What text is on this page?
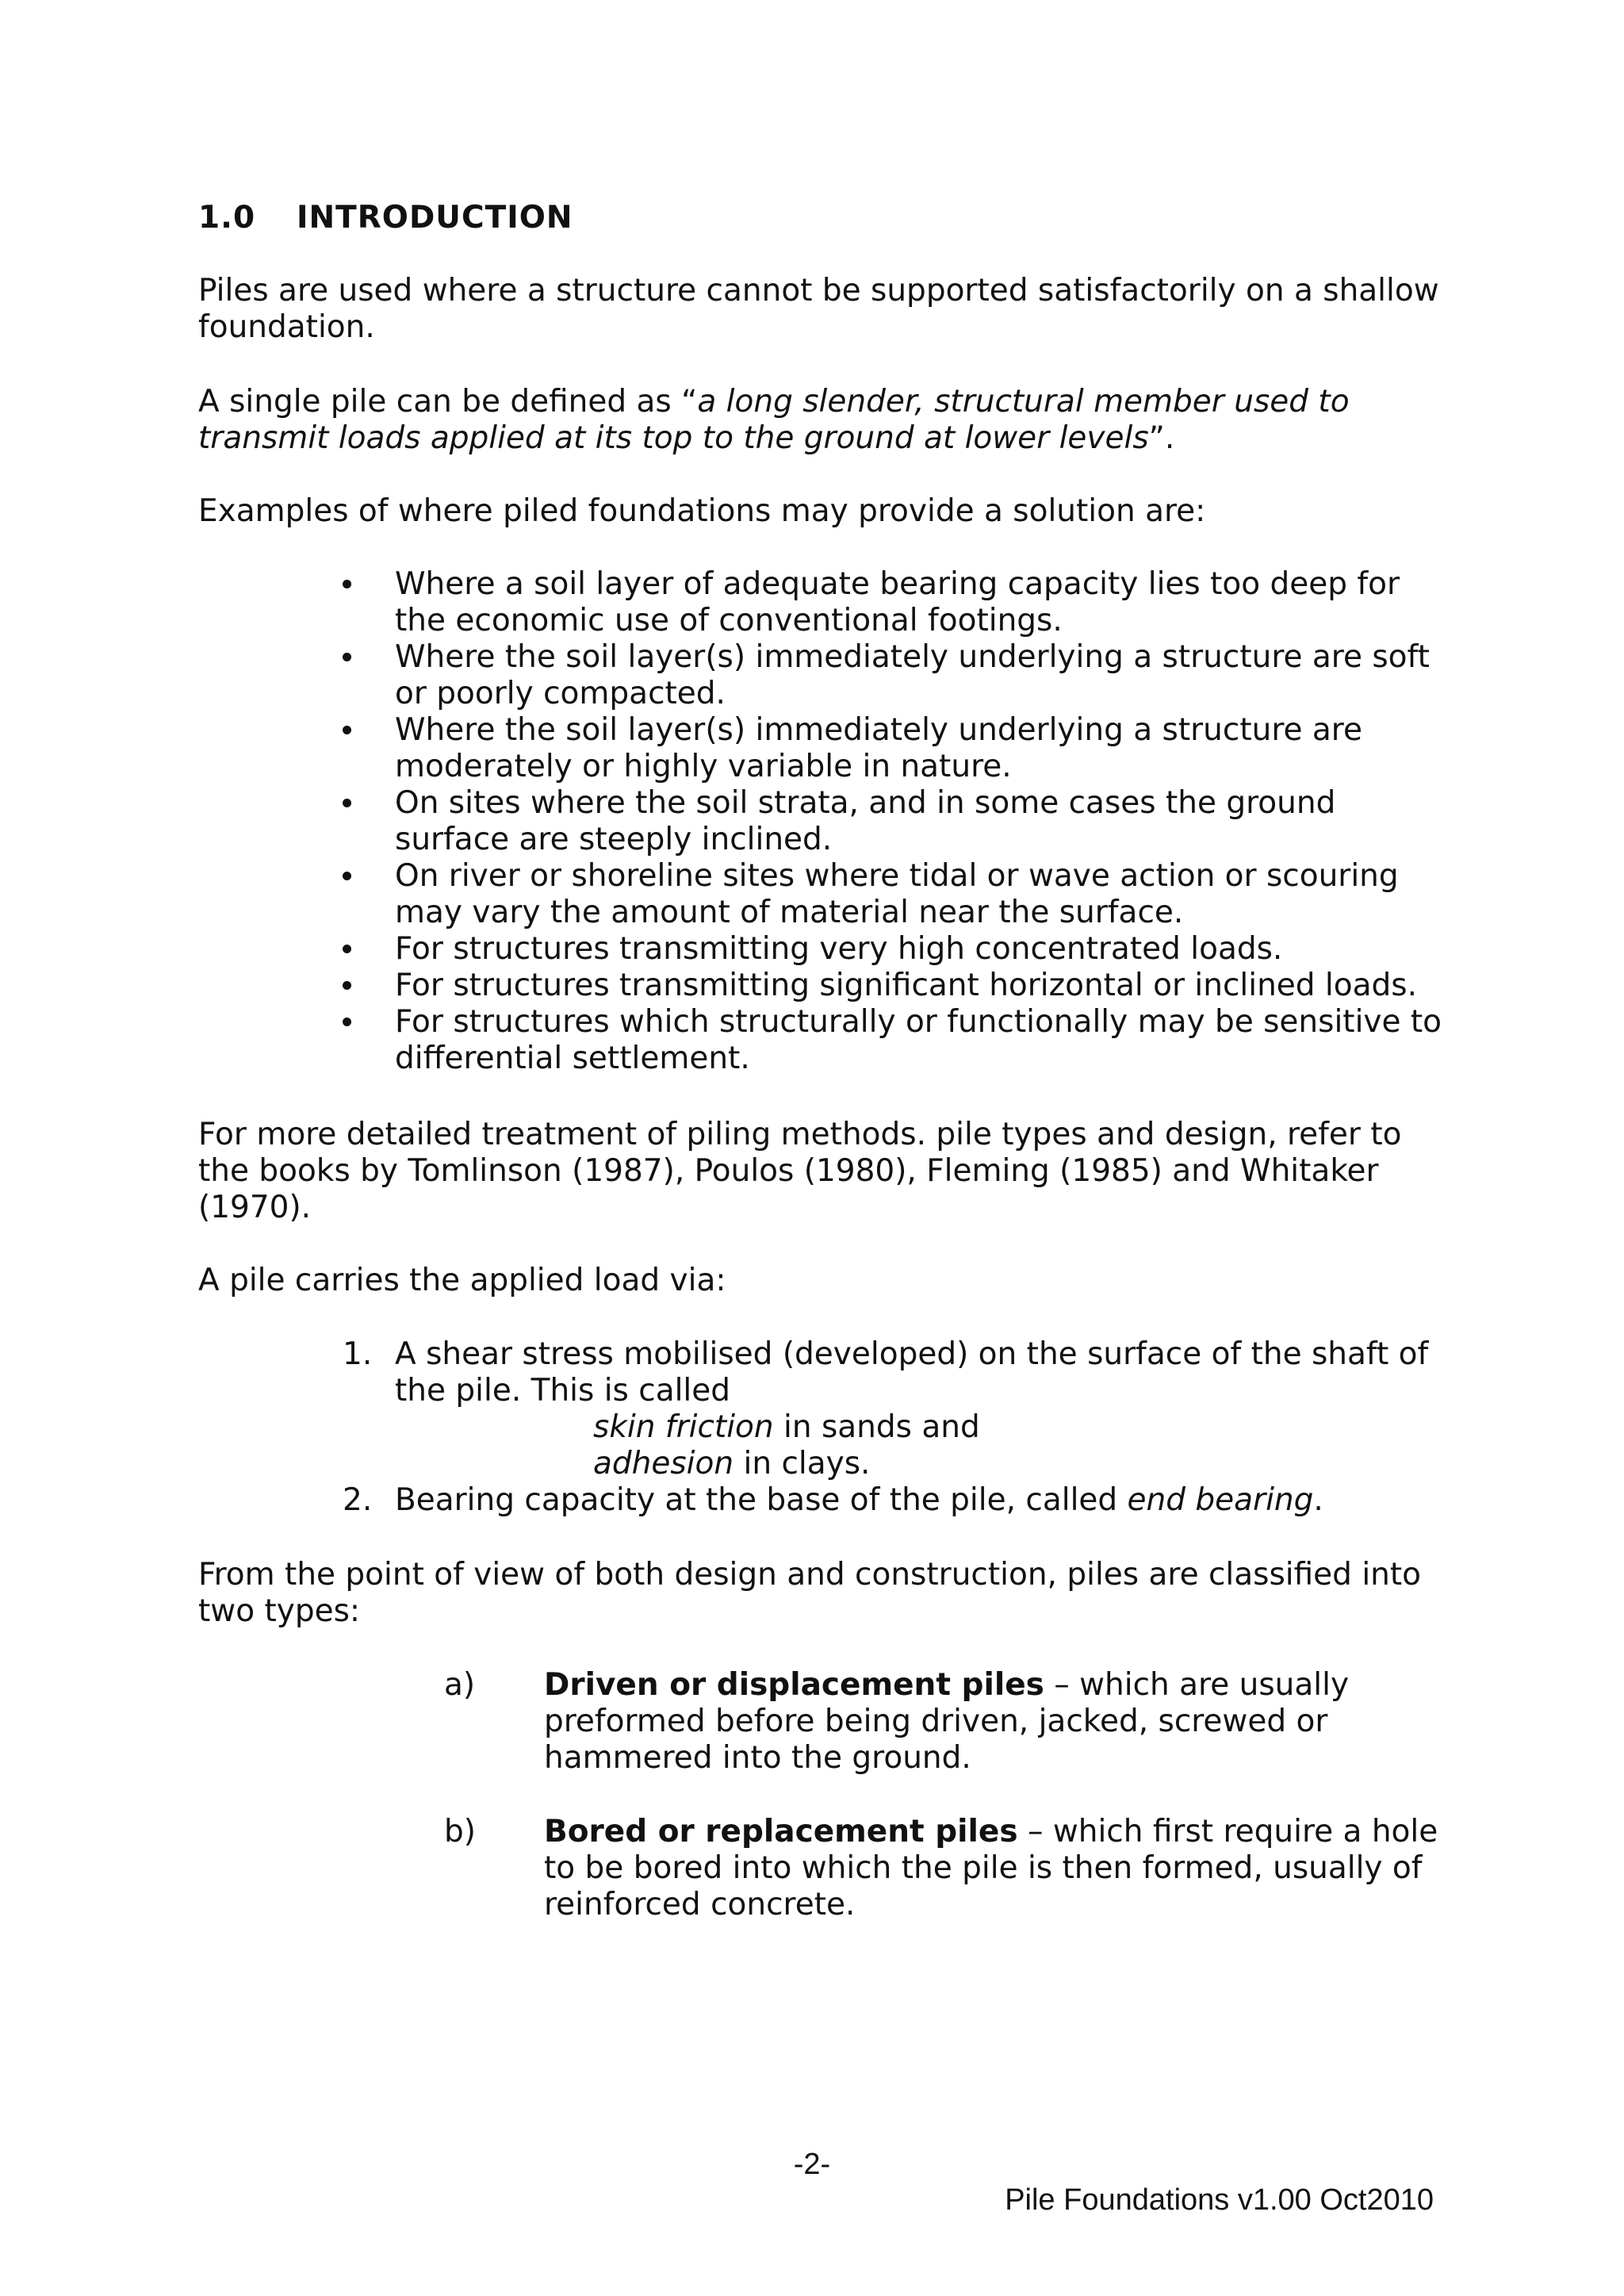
1.0 INTRODUCTION

Piles are used where a structure cannot be supported satisfactorily on a shallow foundation.

A single pile can be defined as “a long slender, structural member used to transmit loads applied at its top to the ground at lower levels”.

Examples of where piled foundations may provide a solution are:

Where a soil layer of adequate bearing capacity lies too deep for the economic use of conventional footings.
Where the soil layer(s) immediately underlying a structure are soft or poorly compacted.
Where the soil layer(s) immediately underlying a structure are moderately or highly variable in nature.
On sites where the soil strata, and in some cases the ground surface are steeply inclined.
On river or shoreline sites where tidal or wave action or scouring may vary the amount of material near the surface.
For structures transmitting very high concentrated loads.
For structures transmitting significant horizontal or inclined loads.
For structures which structurally or functionally may be sensitive to differential settlement.

For more detailed treatment of piling methods. pile types and design, refer to the books by Tomlinson (1987), Poulos (1980), Fleming (1985) and Whitaker (1970).

A pile carries the applied load via:

1. A shear stress mobilised (developed) on the surface of the shaft of the pile. This is called
skin friction in sands and
adhesion in clays.
2. Bearing capacity at the base of the pile, called end bearing.

From the point of view of both design and construction, piles are classified into two types:

a) Driven or displacement piles – which are usually preformed before being driven, jacked, screwed or hammered into the ground.
b) Bored or replacement piles – which first require a hole to be bored into which the pile is then formed, usually of reinforced concrete.
-2-
Pile Foundations v1.00 Oct2010
